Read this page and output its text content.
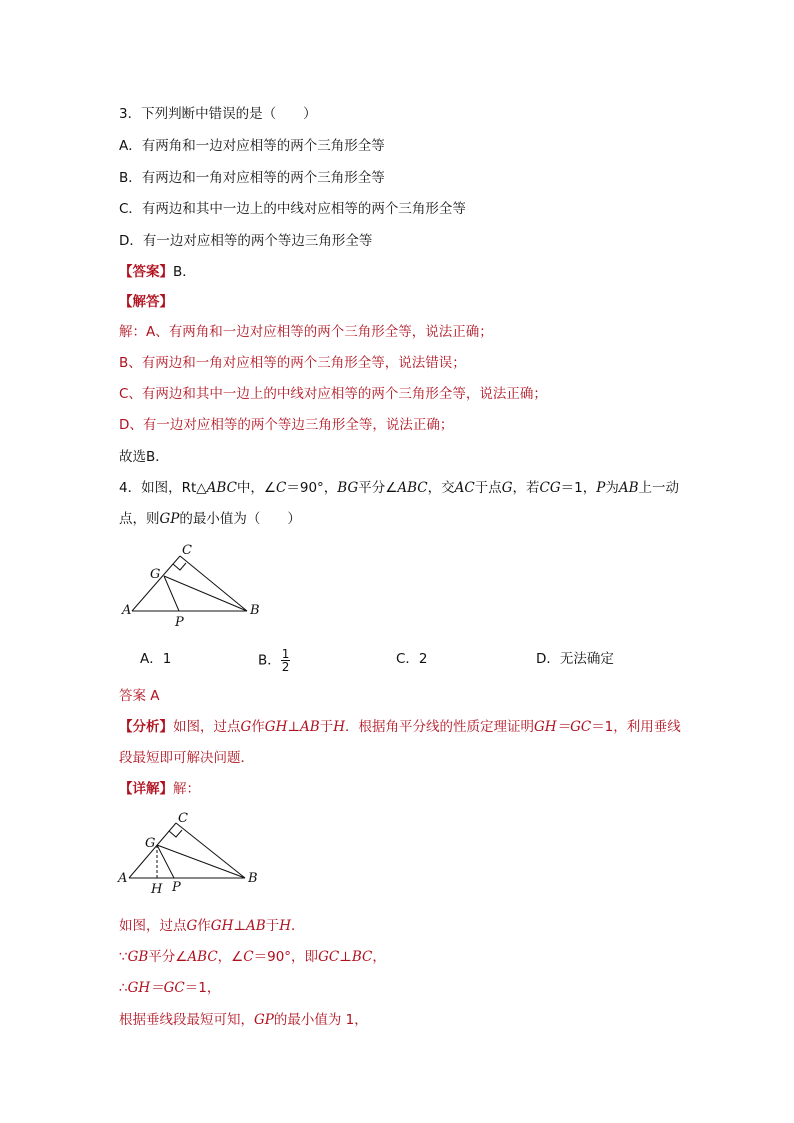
3．下列判断中错误的是（　　）
A．有两角和一边对应相等的两个三角形全等
B．有两边和一角对应相等的两个三角形全等
C．有两边和其中一边上的中线对应相等的两个三角形全等
D．有一边对应相等的两个等边三角形全等
【答案】B．
【解答】
解：A、有两角和一边对应相等的两个三角形全等，说法正确；
B、有两边和一角对应相等的两个三角形全等，说法错误；
C、有两边和其中一边上的中线对应相等的两个三角形全等，说法正确；
D、有一边对应相等的两个等边三角形全等，说法正确；
故选B．
4．如图，Rt△ABC中，∠C＝90°，BG平分∠ABC，交AC于点G，若CG＝1，P为AB上一动
点，则GP的最小值为（　　）
C
G
A	B
P
A．1	B． $\frac{1}{2}$	C．2	D．无法确定
答案 A
【分析】如图，过点G作GH⊥AB于H．根据角平分线的性质定理证明GH＝GC＝1，利用垂线
段最短即可解决问题．
【详解】解：
C
G
A	B
H P
如图，过点G作GH⊥AB于H．
∵GB平分∠ABC，∠C＝90°，即GC⊥BC，
∴GH＝GC＝1，
根据垂线段最短可知，GP的最小值为 1，
